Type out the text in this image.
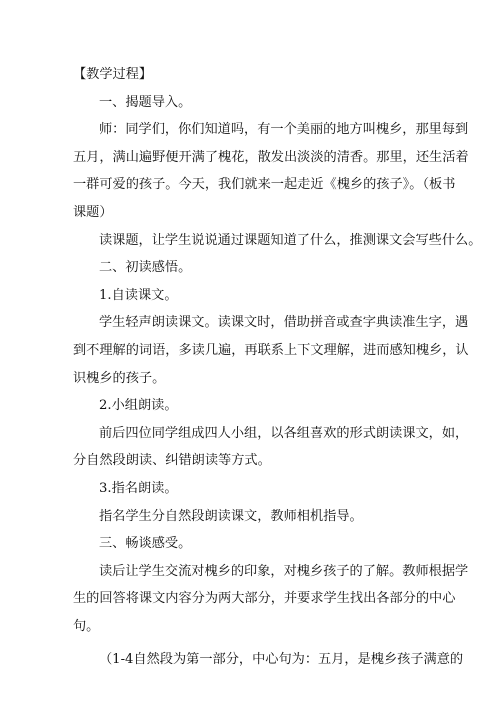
【教学过程】
一、揭题导入。
师：同学们，你们知道吗，有一个美丽的地方叫槐乡，那里每到
五月，满山遍野便开满了槐花，散发出淡淡的清香。那里，还生活着
一群可爱的孩子。今天，我们就来一起走近《槐乡的孩子》。（板书
课题）
读课题，让学生说说通过课题知道了什么，推测课文会写些什么。
二、初读感悟。
1.自读课文。
学生轻声朗读课文。读课文时，借助拼音或查字典读准生字，遇
到不理解的词语，多读几遍，再联系上下文理解，进而感知槐乡，认
识槐乡的孩子。
2.小组朗读。
前后四位同学组成四人小组，以各组喜欢的形式朗读课文，如，
分自然段朗读、纠错朗读等方式。
3.指名朗读。
指名学生分自然段朗读课文，教师相机指导。
三、畅谈感受。
读后让学生交流对槐乡的印象，对槐乡孩子的了解。教师根据学
生的回答将课文内容分为两大部分，并要求学生找出各部分的中心
句。
（1-4自然段为第一部分，中心句为：五月，是槐乡孩子满意的
